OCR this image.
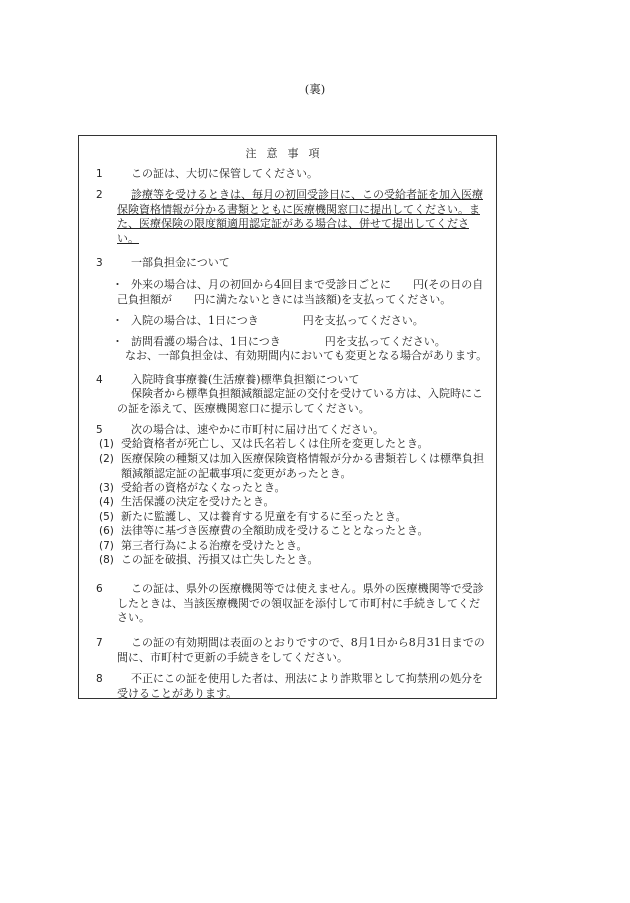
(裏)
注意事項
1	この証は、大切に保管してください。
2	診療等を受けるときは、毎月の初回受診日に、この受給者証を加入医療保険資格情報が分かる書類とともに医療機関窓口に提出してください。また、医療保険の限度額適用認定証がある場合は、併せて提出してください。
3	一部負担金について
・ 外来の場合は、月の初回から4回目まで受診日ごとに　　円(その日の自己負担額が　　円に満たないときには当該額)を支払ってください。
・ 入院の場合は、1日につき　　　　円を支払ってください。
・ 訪問看護の場合は、1日につき　　　　円を支払ってください。
なお、一部負担金は、有効期間内においても変更となる場合があります。
4	入院時食事療養(生活療養)標準負担額について
保険者から標準負担額減額認定証の交付を受けている方は、入院時にこの証を添えて、医療機関窓口に提示してください。
5	次の場合は、速やかに市町村に届け出てください。
(1) 受給資格者が死亡し、又は氏名若しくは住所を変更したとき。
(2) 医療保険の種類又は加入医療保険資格情報が分かる書類若しくは標準負担額減額認定証の記載事項に変更があったとき。
(3) 受給者の資格がなくなったとき。
(4) 生活保護の決定を受けたとき。
(5) 新たに監護し、又は養育する児童を有するに至ったとき。
(6) 法律等に基づき医療費の全額助成を受けることとなったとき。
(7) 第三者行為による治療を受けたとき。
(8) この証を破損、汚損又は亡失したとき。
6	この証は、県外の医療機関等では使えません。県外の医療機関等で受診したときは、当該医療機関での領収証を添付して市町村に手続きしてください。
7	この証の有効期間は表面のとおりですので、8月1日から8月31日までの間に、市町村で更新の手続きをしてください。
8	不正にこの証を使用した者は、刑法により詐欺罪として拘禁刑の処分を受けることがあります。
